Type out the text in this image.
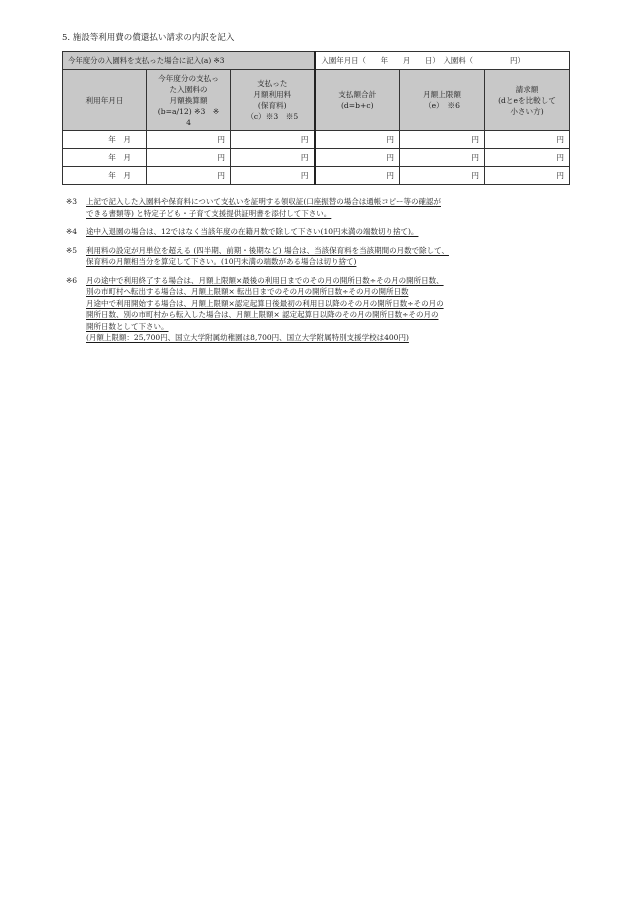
5. 施設等利用費の償還払い請求の内訳を記入
今年度分の入園料を支払った場合に記入(a) ※3			入園年月日（　　年　　月　　日）　入園料（　　　　　円）		

利用年月日	今年度分の支払っ
た入園料の
月額換算額
(b=a/12) ※3　※
4	支払った
月額利用料
(保育料)
（c）※3　※5	支払額合計
(d=b+c)	月額上限額
（e）　※6	請求額
(dとeを比較して
小さい方)

年　月	円	円	円	円	円
年　月	円	円	円	円	円
年　月	円	円	円	円	円
※3	上記で記入した入園料や保育料について支払いを証明する領収証(口座振替の場合は通帳コピー等の確認が
できる書類等) と特定子ども・子育て支援提供証明書を添付して下さい。
※4	途中入退園の場合は、12ではなく当該年度の在籍月数で除して下さい(10円未満の端数切り捨て)。
※5	利用料の設定が月単位を超える (四半期、前期・後期など) 場合は、当該保育料を当該期間の月数で除して、
保育料の月額相当分を算定して下さい。(10円未満の端数がある場合は切り捨て)
※6	月の途中で利用終了する場合は、月額上限額×最後の利用日までのその月の開所日数÷その月の開所日数、
別の市町村へ転出する場合は、月額上限額× 転出日までのその月の開所日数÷その月の開所日数
月途中で利用開始する場合は、月額上限額×認定起算日後最初の利用日以降のその月の開所日数÷その月の
開所日数、別の市町村から転入した場合は、月額上限額× 認定起算日以降のその月の開所日数÷その月の
開所日数として下さい。
(月額上限額：25,700円、国立大学附属幼稚園は8,700円、国立大学附属特別支援学校は400円)
